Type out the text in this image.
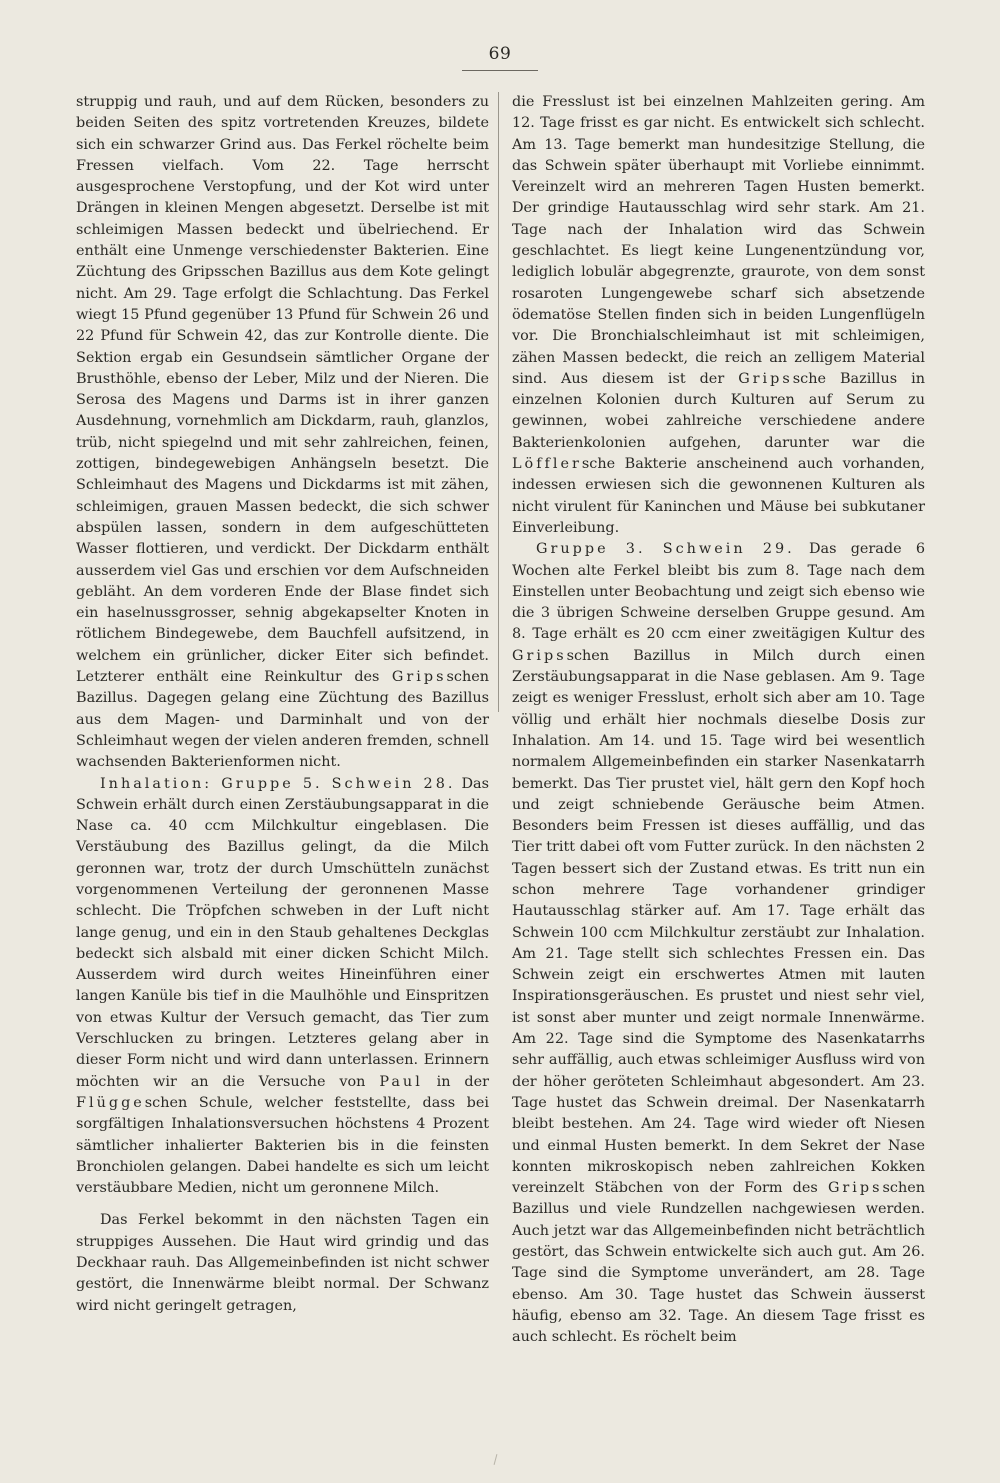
69

struppig und rauh, und auf dem Rücken, besonders zu beiden Seiten des spitz vortretenden Kreuzes, bildete sich ein schwarzer Grind aus. Das Ferkel röchelte beim Fressen vielfach. Vom 22. Tage herrscht ausgesprochene Verstopfung, und der Kot wird unter Drängen in kleinen Mengen abgesetzt. Derselbe ist mit schleimigen Massen bedeckt und übelriechend. Er enthält eine Unmenge verschiedenster Bakterien. Eine Züchtung des Gripsschen Bazillus aus dem Kote gelingt nicht. Am 29. Tage erfolgt die Schlachtung. Das Ferkel wiegt 15 Pfund gegenüber 13 Pfund für Schwein 26 und 22 Pfund für Schwein 42, das zur Kontrolle diente. Die Sektion ergab ein Gesundsein sämtlicher Organe der Brusthöhle, ebenso der Leber, Milz und der Nieren. Die Serosa des Magens und Darms ist in ihrer ganzen Ausdehnung, vornehmlich am Dickdarm, rauh, glanzlos, trüb, nicht spiegelnd und mit sehr zahlreichen, feinen, zottigen, bindegewebigen Anhängseln besetzt. Die Schleimhaut des Magens und Dickdarms ist mit zähen, schleimigen, grauen Massen bedeckt, die sich schwer abspülen lassen, sondern in dem aufgeschütteten Wasser flottieren, und verdickt. Der Dickdarm enthält ausserdem viel Gas und erschien vor dem Aufschneiden gebläht. An dem vorderen Ende der Blase findet sich ein haselnussgrosser, sehnig abgekapselter Knoten in rötlichem Bindegewebe, dem Bauchfell aufsitzend, in welchem ein grünlicher, dicker Eiter sich befindet. Letzterer enthält eine Reinkultur des Gripsschen Bazillus. Dagegen gelang eine Züchtung des Bazillus aus dem Magen- und Darminhalt und von der Schleimhaut wegen der vielen anderen fremden, schnell wachsenden Bakterienformen nicht.

Inhalation: Gruppe 5. Schwein 28. Das Schwein erhält durch einen Zerstäubungsapparat in die Nase ca. 40 ccm Milchkultur eingeblasen. Die Verstäubung des Bazillus gelingt, da die Milch geronnen war, trotz der durch Umschütteln zunächst vorgenommenen Verteilung der geronnenen Masse schlecht. Die Tröpfchen schweben in der Luft nicht lange genug, und ein in den Staub gehaltenes Deckglas bedeckt sich alsbald mit einer dicken Schicht Milch. Ausserdem wird durch weites Hineinführen einer langen Kanüle bis tief in die Maulhöhle und Einspritzen von etwas Kultur der Versuch gemacht, das Tier zum Verschlucken zu bringen. Letzteres gelang aber in dieser Form nicht und wird dann unterlassen. Erinnern möchten wir an die Versuche von Paul in der Flüggeschen Schule, welcher feststellte, dass bei sorgfältigen Inhalationsversuchen höchstens 4 Prozent sämtlicher inhalierter Bakterien bis in die feinsten Bronchiolen gelangen. Dabei handelte es sich um leicht verstäubbare Medien, nicht um geronnene Milch.

Das Ferkel bekommt in den nächsten Tagen ein struppiges Aussehen. Die Haut wird grindig und das Deckhaar rauh. Das Allgemeinbefinden ist nicht schwer gestört, die Innenwärme bleibt normal. Der Schwanz wird nicht geringelt getragen,

die Fresslust ist bei einzelnen Mahlzeiten gering. Am 12. Tage frisst es gar nicht. Es entwickelt sich schlecht. Am 13. Tage bemerkt man hundesitzige Stellung, die das Schwein später überhaupt mit Vorliebe einnimmt. Vereinzelt wird an mehreren Tagen Husten bemerkt. Der grindige Hautausschlag wird sehr stark. Am 21. Tage nach der Inhalation wird das Schwein geschlachtet. Es liegt keine Lungenentzündung vor, lediglich lobulär abgegrenzte, graurote, von dem sonst rosaroten Lungengewebe scharf sich absetzende ödematöse Stellen finden sich in beiden Lungenflügeln vor. Die Bronchialschleimhaut ist mit schleimigen, zähen Massen bedeckt, die reich an zelligem Material sind. Aus diesem ist der Gripssche Bazillus in einzelnen Kolonien durch Kulturen auf Serum zu gewinnen, wobei zahlreiche verschiedene andere Bakterienkolonien aufgehen, darunter war die Löfflersche Bakterie anscheinend auch vorhanden, indessen erwiesen sich die gewonnenen Kulturen als nicht virulent für Kaninchen und Mäuse bei subkutaner Einverleibung.

Gruppe 3. Schwein 29. Das gerade 6 Wochen alte Ferkel bleibt bis zum 8. Tage nach dem Einstellen unter Beobachtung und zeigt sich ebenso wie die 3 übrigen Schweine derselben Gruppe gesund. Am 8. Tage erhält es 20 ccm einer zweitägigen Kultur des Gripsschen Bazillus in Milch durch einen Zerstäubungsapparat in die Nase geblasen. Am 9. Tage zeigt es weniger Fresslust, erholt sich aber am 10. Tage völlig und erhält hier nochmals dieselbe Dosis zur Inhalation. Am 14. und 15. Tage wird bei wesentlich normalem Allgemeinbefinden ein starker Nasenkatarrh bemerkt. Das Tier prustet viel, hält gern den Kopf hoch und zeigt schniebende Geräusche beim Atmen. Besonders beim Fressen ist dieses auffällig, und das Tier tritt dabei oft vom Futter zurück. In den nächsten 2 Tagen bessert sich der Zustand etwas. Es tritt nun ein schon mehrere Tage vorhandener grindiger Hautausschlag stärker auf. Am 17. Tage erhält das Schwein 100 ccm Milchkultur zerstäubt zur Inhalation. Am 21. Tage stellt sich schlechtes Fressen ein. Das Schwein zeigt ein erschwertes Atmen mit lauten Inspirationsgeräuschen. Es prustet und niest sehr viel, ist sonst aber munter und zeigt normale Innenwärme. Am 22. Tage sind die Symptome des Nasenkatarrhs sehr auffällig, auch etwas schleimiger Ausfluss wird von der höher geröteten Schleimhaut abgesondert. Am 23. Tage hustet das Schwein dreimal. Der Nasenkatarrh bleibt bestehen. Am 24. Tage wird wieder oft Niesen und einmal Husten bemerkt. In dem Sekret der Nase konnten mikroskopisch neben zahlreichen Kokken vereinzelt Stäbchen von der Form des Gripsschen Bazillus und viele Rundzellen nachgewiesen werden. Auch jetzt war das Allgemeinbefinden nicht beträchtlich gestört, das Schwein entwickelte sich auch gut. Am 26. Tage sind die Symptome unverändert, am 28. Tage ebenso. Am 30. Tage hustet das Schwein äusserst häufig, ebenso am 32. Tage. An diesem Tage frisst es auch schlecht. Es röchelt beim
